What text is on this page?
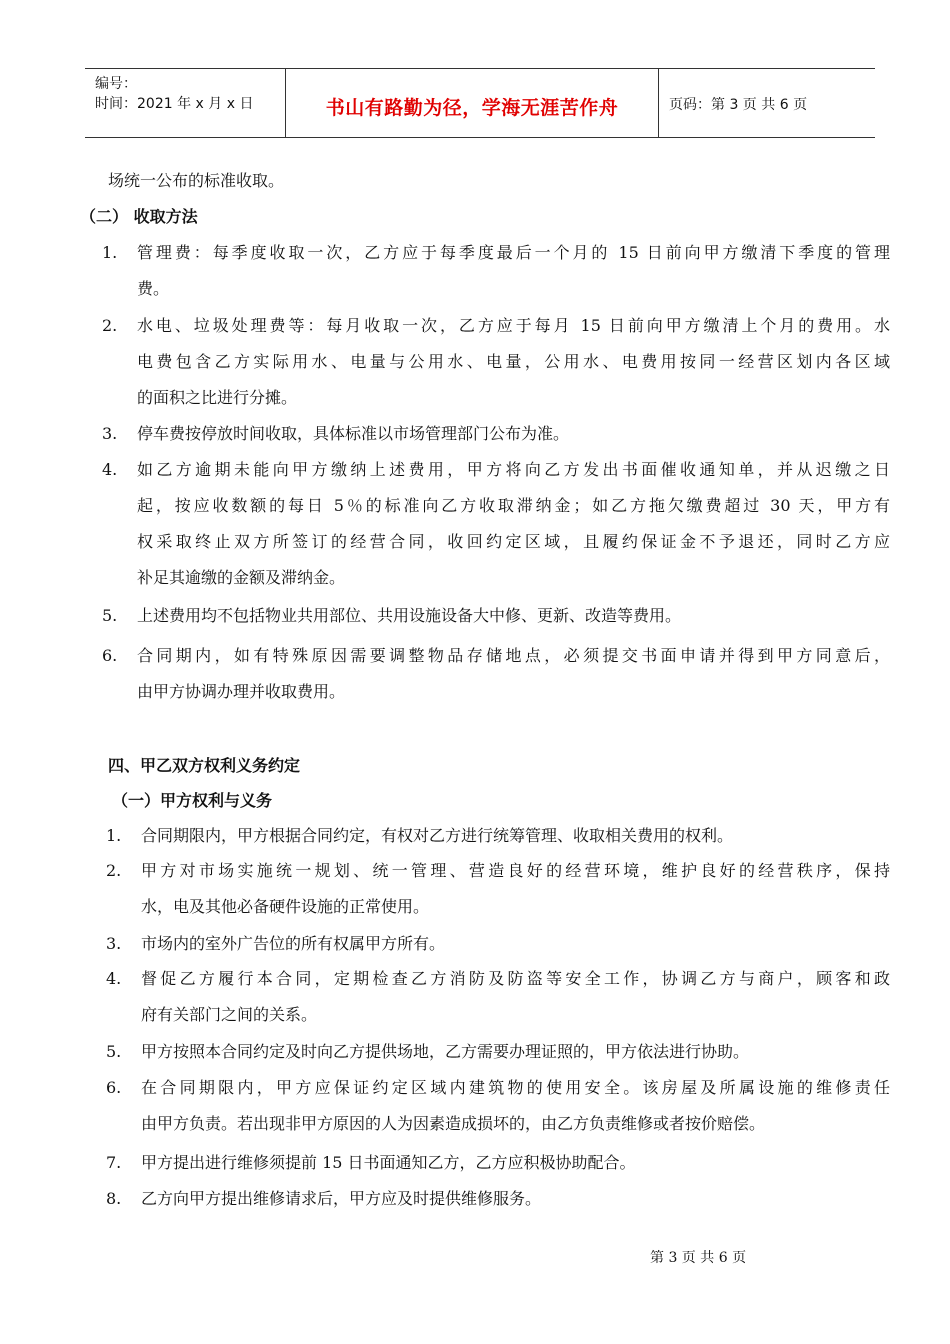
编号：
时间：2021 年 x 月 x 日	书山有路勤为径，学海无涯苦作舟	页码：第 3 页 共 6 页
场统一公布的标准收取。
（二） 收取方法
1. 管理费：每季度收取一次，乙方应于每季度最后一个月的 15 日前向甲方缴清下季度的管理
费。
2. 水电、垃圾处理费等：每月收取一次，乙方应于每月 15 日前向甲方缴清上个月的费用。水
电费包含乙方实际用水、电量与公用水、电量，公用水、电费用按同一经营区划内各区域
的面积之比进行分摊。
3. 停车费按停放时间收取，具体标准以市场管理部门公布为准。
4. 如乙方逾期未能向甲方缴纳上述费用，甲方将向乙方发出书面催收通知单，并从迟缴之日
起，按应收数额的每日 5％的标准向乙方收取滞纳金；如乙方拖欠缴费超过 30 天，甲方有
权采取终止双方所签订的经营合同，收回约定区域，且履约保证金不予退还，同时乙方应
补足其逾缴的金额及滞纳金。
5. 上述费用均不包括物业共用部位、共用设施设备大中修、更新、改造等费用。
6. 合同期内，如有特殊原因需要调整物品存储地点，必须提交书面申请并得到甲方同意后，
由甲方协调办理并收取费用。
四、甲乙双方权利义务约定
（一）甲方权利与义务
1. 合同期限内，甲方根据合同约定，有权对乙方进行统筹管理、收取相关费用的权利。
2. 甲方对市场实施统一规划、统一管理、营造良好的经营环境，维护良好的经营秩序，保持
水，电及其他必备硬件设施的正常使用。
3. 市场内的室外广告位的所有权属甲方所有。
4. 督促乙方履行本合同，定期检查乙方消防及防盗等安全工作，协调乙方与商户，顾客和政
府有关部门之间的关系。
5. 甲方按照本合同约定及时向乙方提供场地，乙方需要办理证照的，甲方依法进行协助。
6. 在合同期限内，甲方应保证约定区域内建筑物的使用安全。该房屋及所属设施的维修责任
由甲方负责。若出现非甲方原因的人为因素造成损坏的，由乙方负责维修或者按价赔偿。
7. 甲方提出进行维修须提前 15 日书面通知乙方，乙方应积极协助配合。
8. 乙方向甲方提出维修请求后，甲方应及时提供维修服务。
第 3 页 共 6 页
